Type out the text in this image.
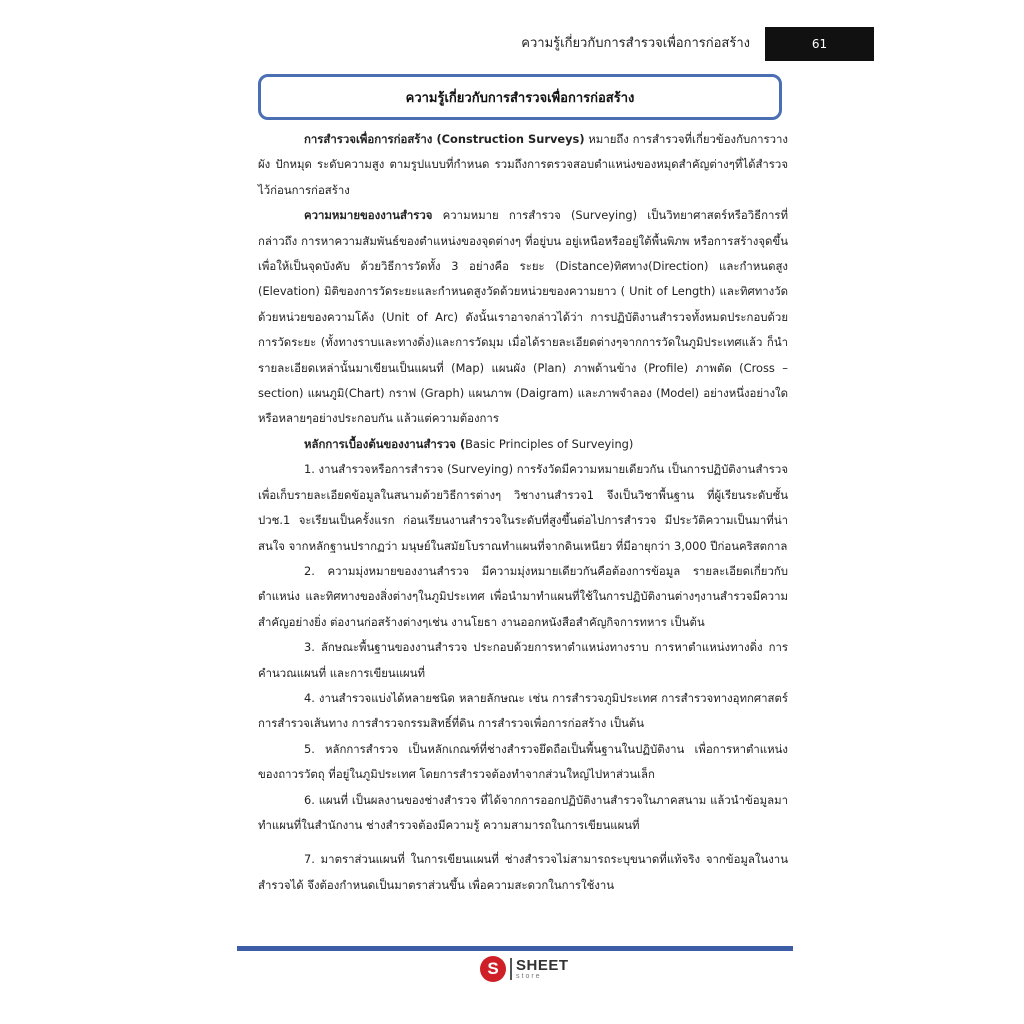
ความรู้เกี่ยวกับการสำรวจเพื่อการก่อสร้าง	61
ความรู้เกี่ยวกับการสำรวจเพื่อการก่อสร้าง

การสำรวจเพื่อการก่อสร้าง (Construction Surveys) หมายถึง การสำรวจที่เกี่ยวข้องกับการวางผัง ปักหมุด ระดับความสูง ตามรูปแบบที่กำหนด รวมถึงการตรวจสอบตำแหน่งของหมุดสำคัญต่างๆที่ได้สำรวจไว้ก่อนการก่อสร้าง

ความหมายของงานสำรวจ ความหมาย การสำรวจ (Surveying) เป็นวิทยาศาสตร์หรือวิธีการที่กล่าวถึง การหาความสัมพันธ์ของตำแหน่งของจุดต่างๆ ที่อยู่บน อยู่เหนือหรืออยู่ใต้พื้นพิภพ หรือการสร้างจุดขึ้นเพื่อให้เป็นจุดบังคับ ด้วยวิธีการวัดทั้ง 3 อย่างคือ ระยะ (Distance)ทิศทาง(Direction) และกำหนดสูง (Elevation) มิติของการวัดระยะและกำหนดสูงวัดด้วยหน่วยของความยาว ( Unit of Length) และทิศทางวัดด้วยหน่วยของความโค้ง (Unit of Arc) ดังนั้นเราอาจกล่าวได้ว่า การปฏิบัติงานสำรวจทั้งหมดประกอบด้วยการวัดระยะ (ทั้งทางราบและทางดิ่ง)และการวัดมุม เมื่อได้รายละเอียดต่างๆจากการวัดในภูมิประเทศแล้ว ก็นำรายละเอียดเหล่านั้นมาเขียนเป็นแผนที่ (Map) แผนผัง (Plan) ภาพด้านข้าง (Profile) ภาพตัด (Cross – section) แผนภูมิ(Chart) กราฟ (Graph) แผนภาพ (Daigram) และภาพจำลอง (Model) อย่างหนึ่งอย่างใดหรือหลายๆอย่างประกอบกัน แล้วแต่ความต้องการ

หลักการเบื้องต้นของงานสำรวจ (Basic Principles of Surveying)

1. งานสำรวจหรือการสำรวจ (Surveying) การรังวัดมีความหมายเดียวกัน เป็นการปฏิบัติงานสำรวจ เพื่อเก็บรายละเอียดข้อมูลในสนามด้วยวิธีการต่างๆ วิชางานสำรวจ1 จึงเป็นวิชาพื้นฐาน ที่ผู้เรียนระดับชั้นปวช.1 จะเรียนเป็นครั้งแรก ก่อนเรียนงานสำรวจในระดับที่สูงขึ้นต่อไปการสำรวจ มีประวัติความเป็นมาที่น่าสนใจ จากหลักฐานปรากฏว่า มนุษย์ในสมัยโบราณทำแผนที่จากดินเหนียว ที่มีอายุกว่า 3,000 ปีก่อนคริสตกาล

2. ความมุ่งหมายของงานสำรวจ มีความมุ่งหมายเดียวกันคือต้องการข้อมูล รายละเอียดเกี่ยวกับตำแหน่ง และทิศทางของสิ่งต่างๆในภูมิประเทศ เพื่อนำมาทำแผนที่ใช้ในการปฏิบัติงานต่างๆงานสำรวจมีความสำคัญอย่างยิ่ง ต่องานก่อสร้างต่างๆเช่น งานโยธา งานออกหนังสือสำคัญกิจการทหาร เป็นต้น

3. ลักษณะพื้นฐานของงานสำรวจ ประกอบด้วยการหาตำแหน่งทางราบ การหาตำแหน่งทางดิ่ง การคำนวณแผนที่ และการเขียนแผนที่

4. งานสำรวจแบ่งได้หลายชนิด หลายลักษณะ เช่น การสำรวจภูมิประเทศ การสำรวจทางอุทกศาสตร์ การสำรวจเส้นทาง การสำรวจกรรมสิทธิ์ที่ดิน การสำรวจเพื่อการก่อสร้าง เป็นต้น

5. หลักการสำรวจ เป็นหลักเกณฑ์ที่ช่างสำรวจยึดถือเป็นพื้นฐานในปฏิบัติงาน เพื่อการหาตำแหน่งของถาวรวัตถุ ที่อยู่ในภูมิประเทศ โดยการสำรวจต้องทำจากส่วนใหญ่ไปหาส่วนเล็ก

6. แผนที่ เป็นผลงานของช่างสำรวจ ที่ได้จากการออกปฏิบัติงานสำรวจในภาคสนาม แล้วนำข้อมูลมาทำแผนที่ในสำนักงาน ช่างสำรวจต้องมีความรู้ ความสามารถในการเขียนแผนที่

7. มาตราส่วนแผนที่ ในการเขียนแผนที่ ช่างสำรวจไม่สามารถระบุขนาดที่แท้จริง จากข้อมูลในงานสำรวจได้ จึงต้องกำหนดเป็นมาตราส่วนขึ้น เพื่อความสะดวกในการใช้งาน

S	SHEET
store
